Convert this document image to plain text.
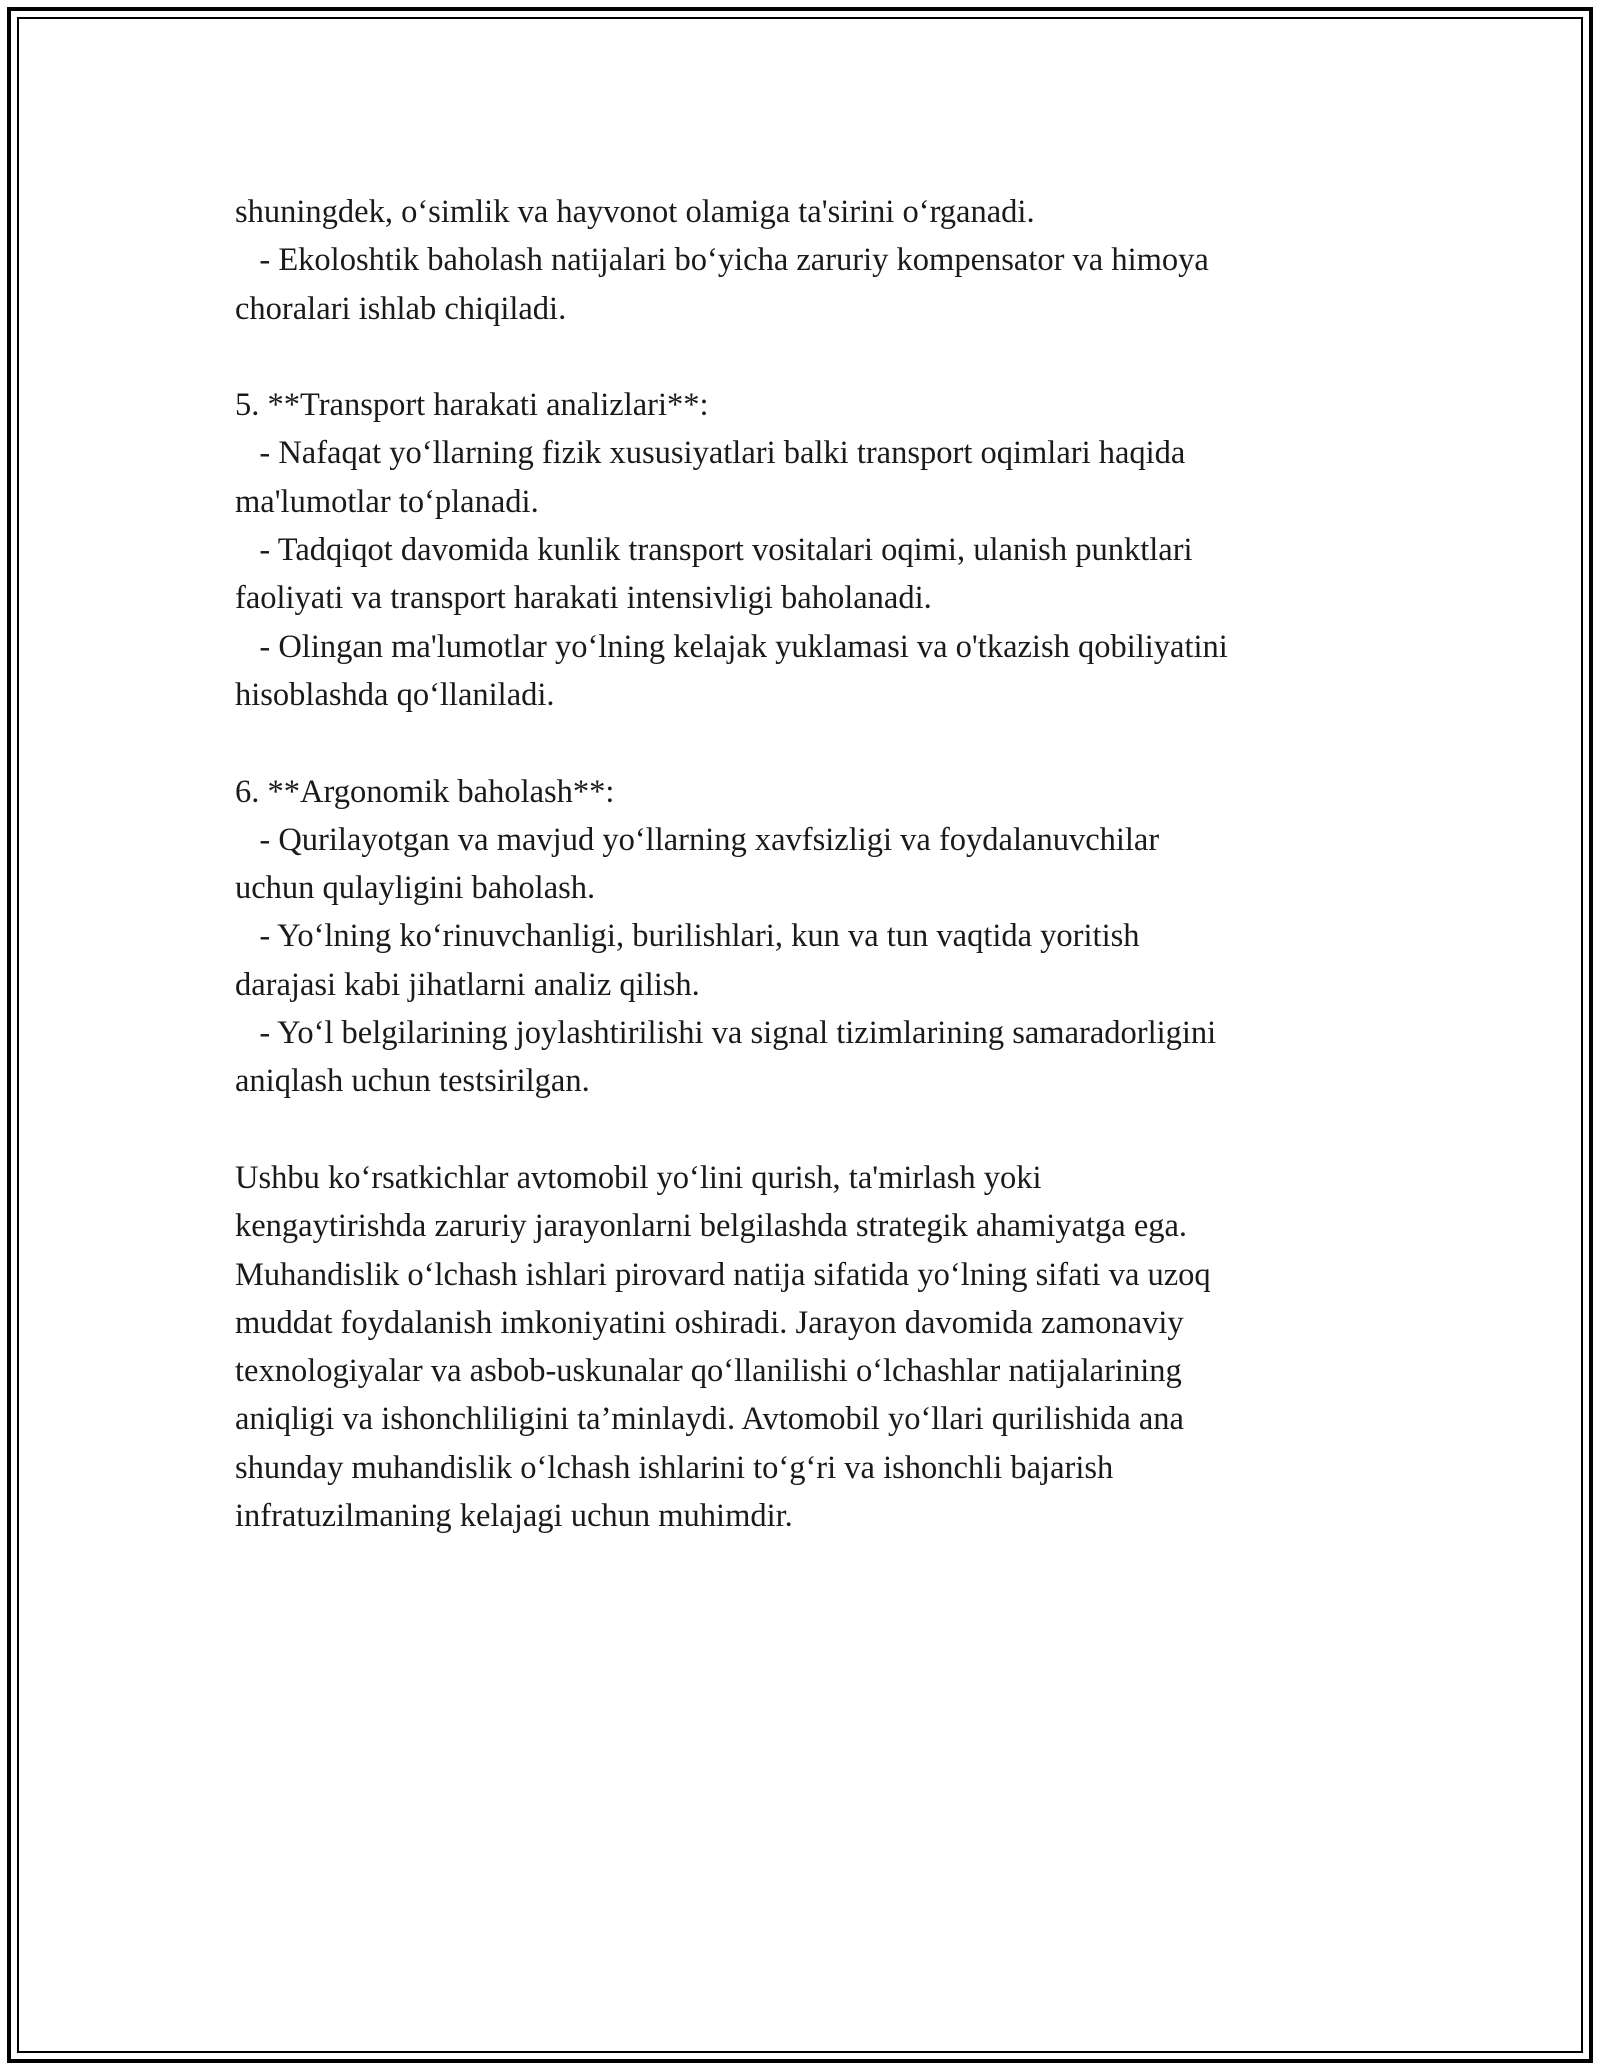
shuningdek, o‘simlik va hayvonot olamiga ta'sirini o‘rganadi.
- Ekoloshtik baholash natijalari bo‘yicha zaruriy kompensator va himoya
choralari ishlab chiqiladi.
5. **Transport harakati analizlari**:
- Nafaqat yo‘llarning fizik xususiyatlari balki transport oqimlari haqida
ma'lumotlar to‘planadi.
- Tadqiqot davomida kunlik transport vositalari oqimi, ulanish punktlari
faoliyati va transport harakati intensivligi baholanadi.
- Olingan ma'lumotlar yo‘lning kelajak yuklamasi va o'tkazish qobiliyatini
hisoblashda qo‘llaniladi.
6. **Argonomik baholash**:
- Qurilayotgan va mavjud yo‘llarning xavfsizligi va foydalanuvchilar
uchun qulayligini baholash.
- Yo‘lning ko‘rinuvchanligi, burilishlari, kun va tun vaqtida yoritish
darajasi kabi jihatlarni analiz qilish.
- Yo‘l belgilarining joylashtirilishi va signal tizimlarining samaradorligini
aniqlash uchun testsirilgan.
Ushbu ko‘rsatkichlar avtomobil yo‘lini qurish, ta'mirlash yoki
kengaytirishda zaruriy jarayonlarni belgilashda strategik ahamiyatga ega.
Muhandislik o‘lchash ishlari pirovard natija sifatida yo‘lning sifati va uzoq
muddat foydalanish imkoniyatini oshiradi. Jarayon davomida zamonaviy
texnologiyalar va asbob-uskunalar qo‘llanilishi o‘lchashlar natijalarining
aniqligi va ishonchliligini ta’minlaydi. Avtomobil yo‘llari qurilishida ana
shunday muhandislik o‘lchash ishlarini to‘g‘ri va ishonchli bajarish
infratuzilmaning kelajagi uchun muhimdir.
